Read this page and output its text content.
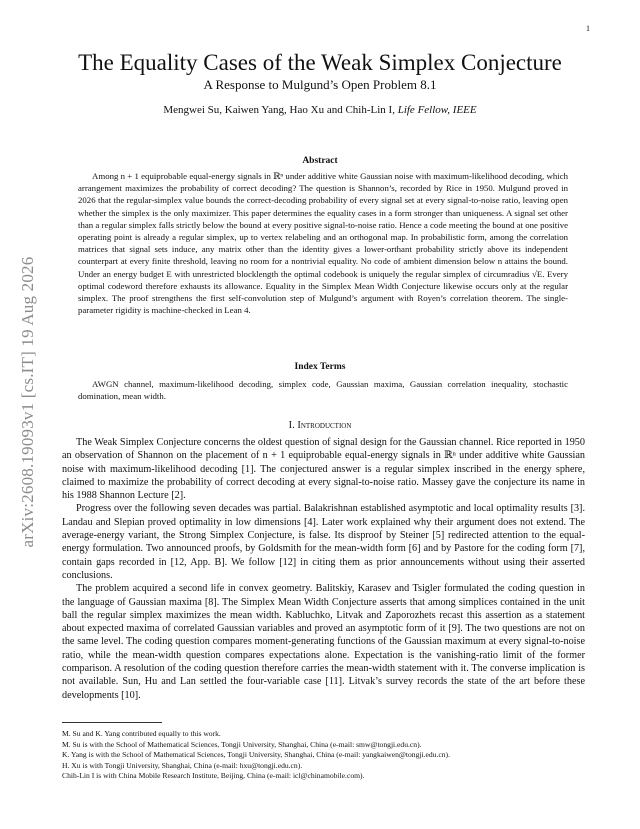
1
arXiv:2608.19093v1 [cs.IT] 19 Aug 2026
The Equality Cases of the Weak Simplex Conjecture
A Response to Mulgund’s Open Problem 8.1
Mengwei Su, Kaiwen Yang, Hao Xu and Chih-Lin I, Life Fellow, IEEE
Abstract
Among n + 1 equiprobable equal-energy signals in ℝⁿ under additive white Gaussian noise with maximum-likelihood decoding, which arrangement maximizes the probability of correct decoding? The question is Shannon’s, recorded by Rice in 1950. Mulgund proved in 2026 that the regular-simplex value bounds the correct-decoding probability of every signal set at every signal-to-noise ratio, leaving open whether the simplex is the only maximizer. This paper determines the equality cases in a form stronger than uniqueness. A signal set other than a regular simplex falls strictly below the bound at every positive signal-to-noise ratio. Hence a code meeting the bound at one positive operating point is already a regular simplex, up to vertex relabeling and an orthogonal map. In probabilistic form, among the correlation matrices that signal sets induce, any matrix other than the identity gives a lower-orthant probability strictly above its independent counterpart at every finite threshold, leaving no room for a nontrivial equality. No code of ambient dimension below n attains the bound. Under an energy budget E with unrestricted blocklength the optimal codebook is uniquely the regular simplex of circumradius √E. Every optimal codeword therefore exhausts its allowance. Equality in the Simplex Mean Width Conjecture likewise occurs only at the regular simplex. The proof strengthens the first self-convolution step of Mulgund’s argument with Royen’s correlation theorem. The single-parameter rigidity is machine-checked in Lean 4.
Index Terms
AWGN channel, maximum-likelihood decoding, simplex code, Gaussian maxima, Gaussian correlation inequality, stochastic domination, mean width.
I. Introduction

The Weak Simplex Conjecture concerns the oldest question of signal design for the Gaussian channel. Rice reported in 1950 an observation of Shannon on the placement of n + 1 equiprobable equal-energy signals in ℝⁿ under additive white Gaussian noise with maximum-likelihood decoding [1]. The conjectured answer is a regular simplex inscribed in the energy sphere, claimed to maximize the probability of correct decoding at every signal-to-noise ratio. Massey gave the conjecture its name in his 1988 Shannon Lecture [2].

Progress over the following seven decades was partial. Balakrishnan established asymptotic and local optimality results [3]. Landau and Slepian proved optimality in low dimensions [4]. Later work explained why their argument does not extend. The average-energy variant, the Strong Simplex Conjecture, is false. Its disproof by Steiner [5] redirected attention to the equal-energy formulation. Two announced proofs, by Goldsmith for the mean-width form [6] and by Pastore for the coding form [7], contain gaps recorded in [12, App. B]. We follow [12] in citing them as prior announcements without using their asserted conclusions.

The problem acquired a second life in convex geometry. Balitskiy, Karasev and Tsigler formulated the coding question in the language of Gaussian maxima [8]. The Simplex Mean Width Conjecture asserts that among simplices contained in the unit ball the regular simplex maximizes the mean width. Kabluchko, Litvak and Zaporozhets recast this assertion as a statement about expected maxima of correlated Gaussian variables and proved an asymptotic form of it [9]. The two questions are not on the same level. The coding question compares moment-generating functions of the Gaussian maximum at every signal-to-noise ratio, while the mean-width question compares expectations alone. Expectation is the vanishing-ratio limit of the former comparison. A resolution of the coding question therefore carries the mean-width statement with it. The converse implication is not available. Sun, Hu and Lan settled the four-variable case [11]. Litvak’s survey records the state of the art before these developments [10].

M. Su and K. Yang contributed equally to this work.
M. Su is with the School of Mathematical Sciences, Tongji University, Shanghai, China (e-mail: smw@tongji.edu.cn).
K. Yang is with the School of Mathematical Sciences, Tongji University, Shanghai, China (e-mail: yangkaiwen@tongji.edu.cn).
H. Xu is with Tongji University, Shanghai, China (e-mail: hxu@tongji.edu.cn).
Chih-Lin I is with China Mobile Research Institute, Beijing, China (e-mail: icl@chinamobile.com).
